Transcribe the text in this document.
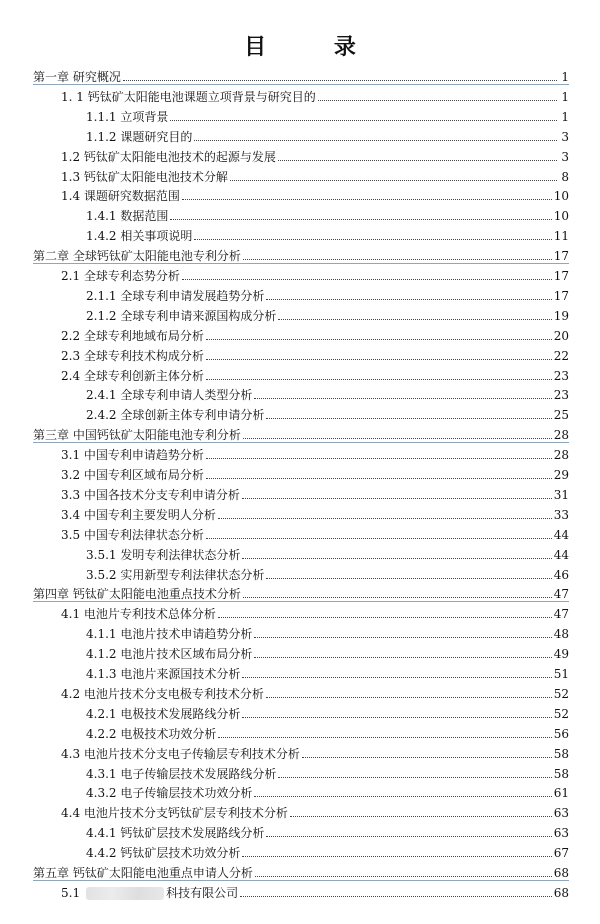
目 录
第一章 研究概况	1
1. 1 钙钛矿太阳能电池课题立项背景与研究目的	1
1.1.1 立项背景	1
1.1.2 课题研究目的	3
1.2 钙钛矿太阳能电池技术的起源与发展	3
1.3 钙钛矿太阳能电池技术分解	8
1.4 课题研究数据范围	10
1.4.1 数据范围	10
1.4.2 相关事项说明	11
第二章 全球钙钛矿太阳能电池专利分析	17
2.1 全球专利态势分析	17
2.1.1 全球专利申请发展趋势分析	17
2.1.2 全球专利申请来源国构成分析	19
2.2 全球专利地域布局分析	20
2.3 全球专利技术构成分析	22
2.4 全球专利创新主体分析	23
2.4.1 全球专利申请人类型分析	23
2.4.2 全球创新主体专利申请分析	25
第三章 中国钙钛矿太阳能电池专利分析	28
3.1 中国专利申请趋势分析	28
3.2 中国专利区域布局分析	29
3.3 中国各技术分支专利申请分析	31
3.4 中国专利主要发明人分析	33
3.5 中国专利法律状态分析	44
3.5.1 发明专利法律状态分析	44
3.5.2 实用新型专利法律状态分析	46
第四章 钙钛矿太阳能电池重点技术分析	47
4.1 电池片专利技术总体分析	47
4.1.1 电池片技术申请趋势分析	48
4.1.2 电池片技术区域布局分析	49
4.1.3 电池片来源国技术分析	51
4.2 电池片技术分支电极专利技术分析	52
4.2.1 电极技术发展路线分析	52
4.2.2 电极技术功效分析	56
4.3 电池片技术分支电子传输层专利技术分析	58
4.3.1 电子传输层技术发展路线分析	58
4.3.2 电子传输层技术功效分析	61
4.4 电池片技术分支钙钛矿层专利技术分析	63
4.4.1 钙钛矿层技术发展路线分析	63
4.4.2 钙钛矿层技术功效分析	67
第五章 钙钛矿太阳能电池重点申请人分析	68
5.1	科技有限公司	68
